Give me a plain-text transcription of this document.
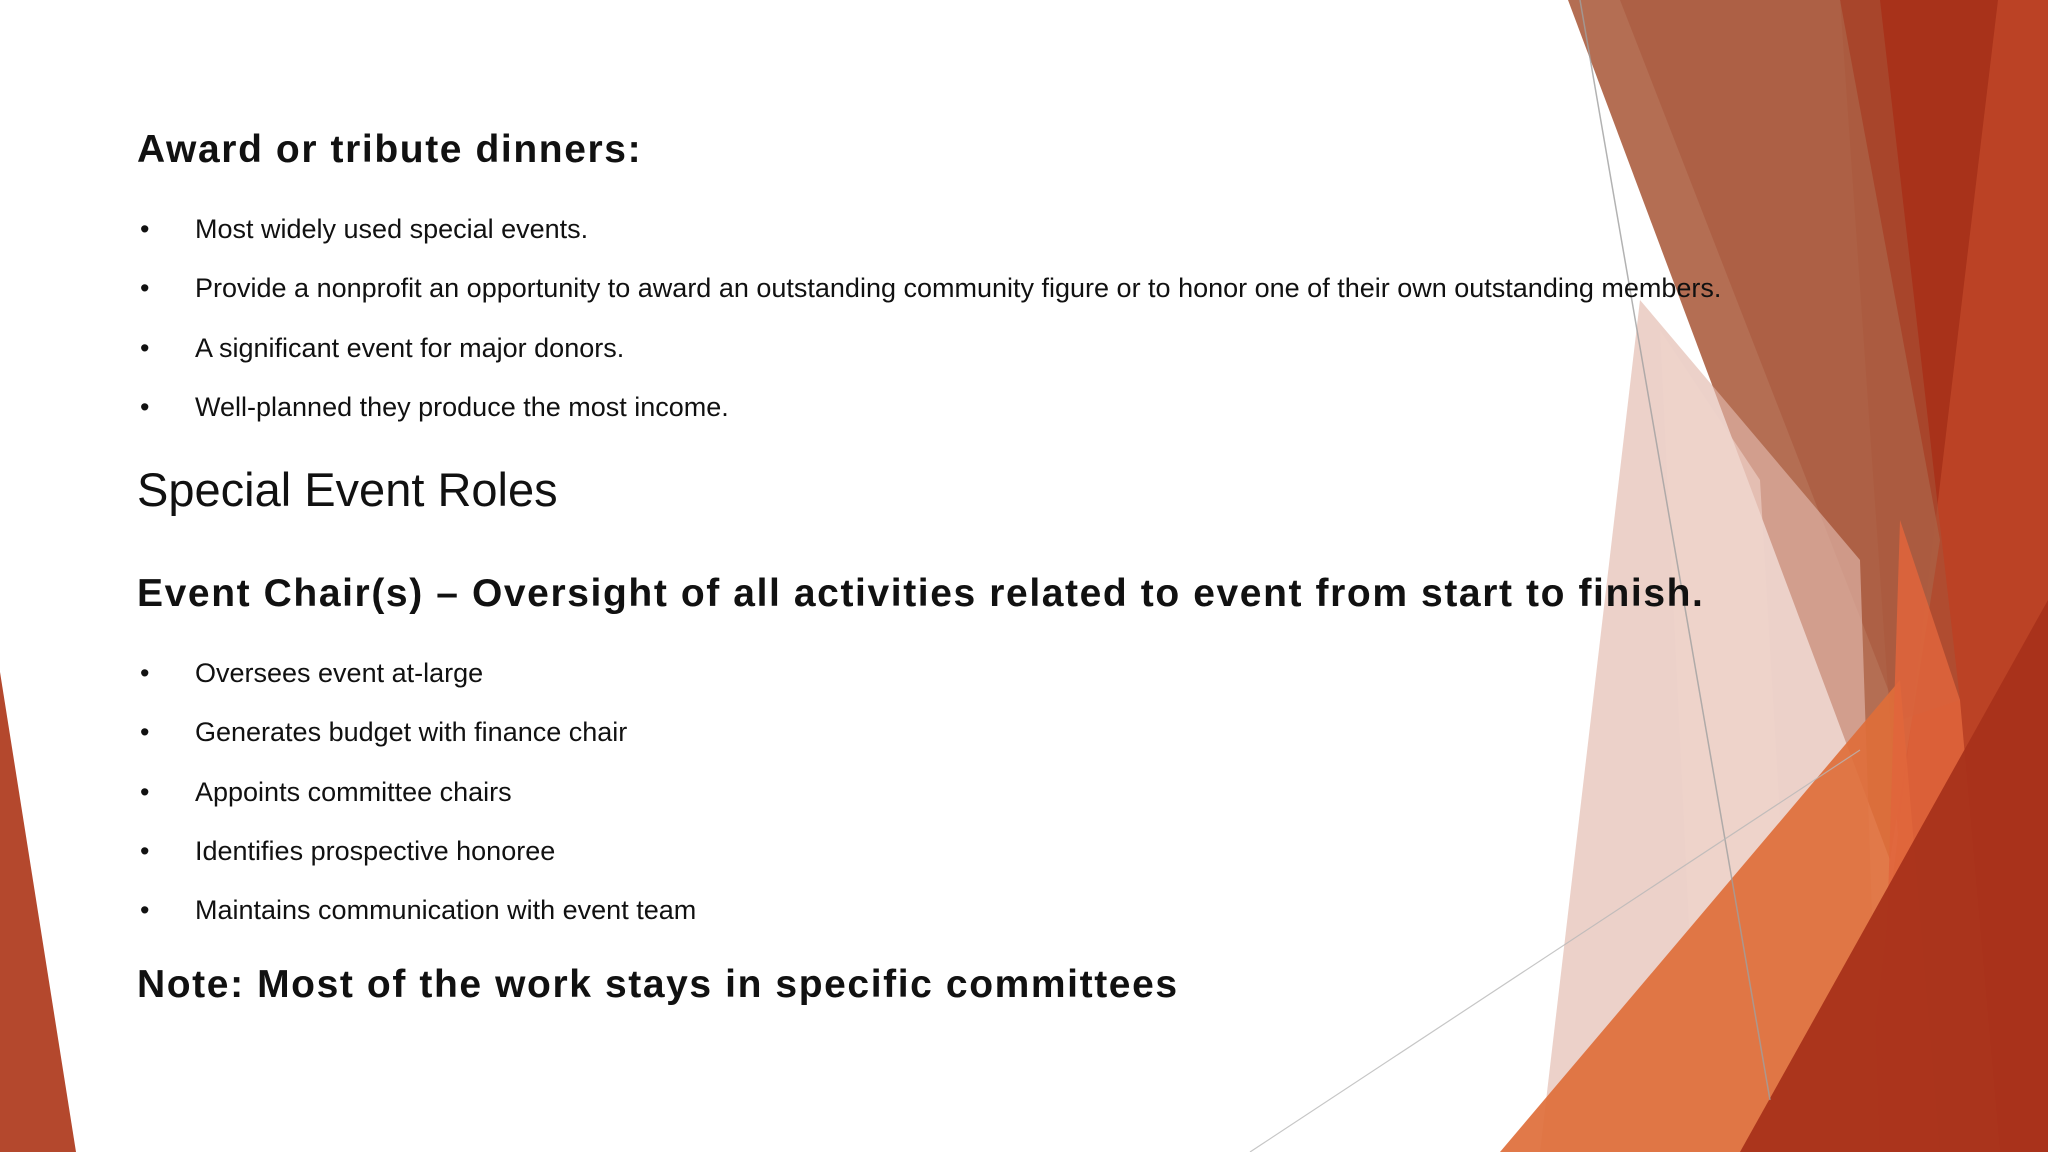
Award or tribute dinners:
• Most widely used special events.
• Provide a nonprofit an opportunity to award an outstanding community figure or to honor one of their own outstanding members.
• A significant event for major donors.
• Well-planned they produce the most income.
Special Event Roles
Event Chair(s) – Oversight of all activities related to event from start to finish.
• Oversees event at-large
• Generates budget with finance chair
• Appoints committee chairs
• Identifies prospective honoree
• Maintains communication with event team
Note: Most of the work stays in specific committees
